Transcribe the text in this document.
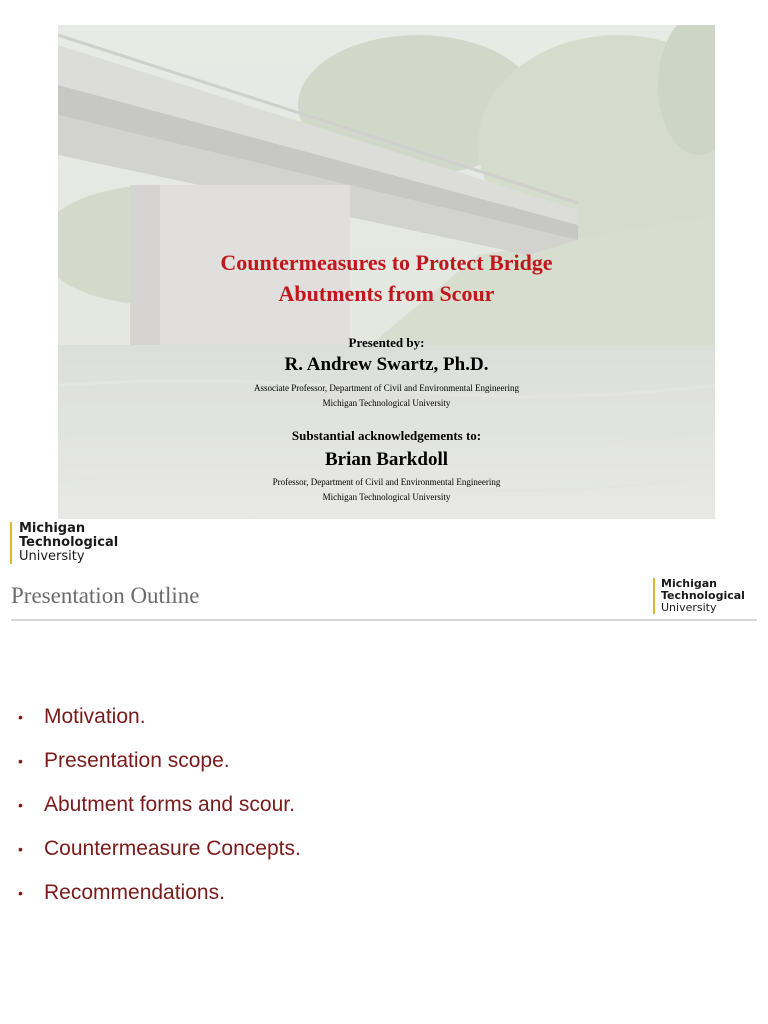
Countermeasures to Protect Bridge
Abutments from Scour
Presented by:
R. Andrew Swartz, Ph.D.
Associate Professor, Department of Civil and Environmental Engineering
Michigan Technological University
Substantial acknowledgements to:
Brian Barkdoll
Professor, Department of Civil and Environmental Engineering
Michigan Technological University
Michigan
Technological
University
Presentation Outline	Michigan
Technological
University
•	Motivation.
•	Presentation scope.
•	Abutment forms and scour.
•	Countermeasure Concepts.
•	Recommendations.
